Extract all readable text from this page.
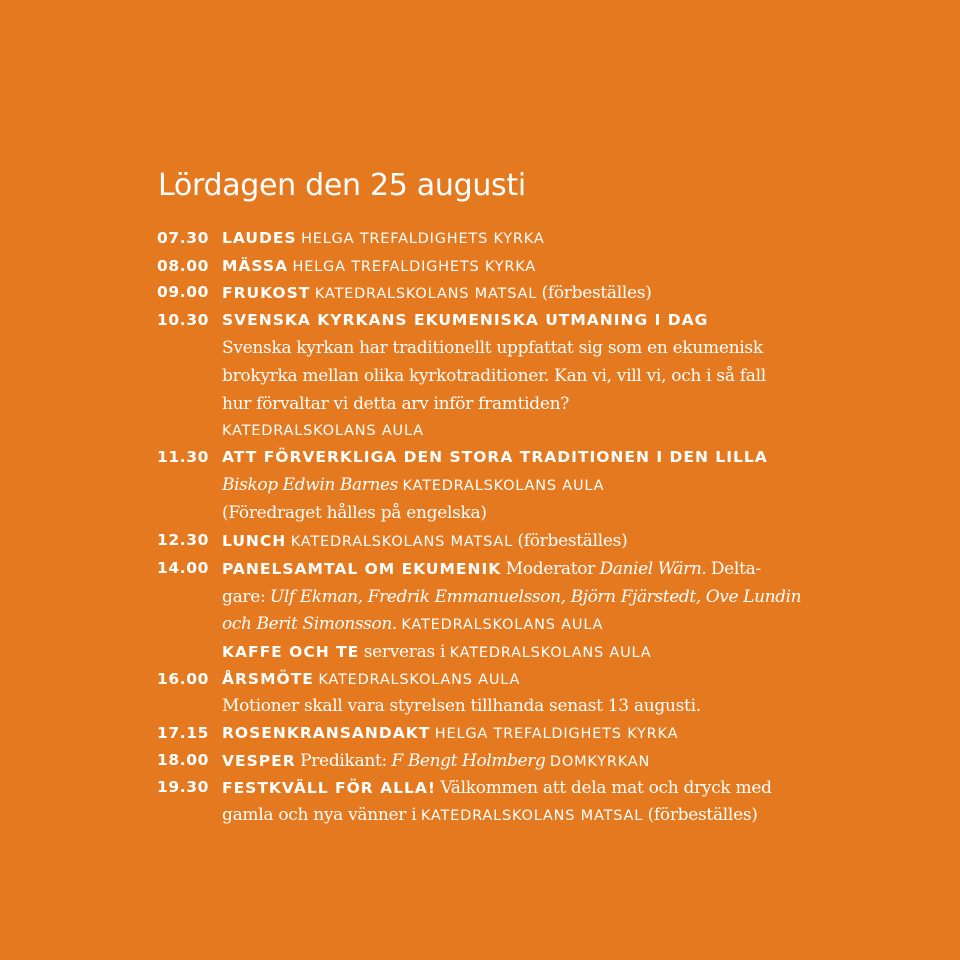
Lördagen den 25 augusti
07.30 LAUDES HELGA TREFALDIGHETS KYRKA
08.00 MÄSSA HELGA TREFALDIGHETS KYRKA
09.00 FRUKOST KATEDRALSKOLANS MATSAL (förbeställes)
10.30 SVENSKA KYRKANS EKUMENISKA UTMANING I DAG
Svenska kyrkan har traditionellt uppfattat sig som en ekumenisk
brokyrka mellan olika kyrkotraditioner. Kan vi, vill vi, och i så fall
hur förvaltar vi detta arv inför framtiden?
KATEDRALSKOLANS AULA
11.30 ATT FÖRVERKLIGA DEN STORA TRADITIONEN I DEN LILLA
Biskop Edwin Barnes KATEDRALSKOLANS AULA
(Föredraget hålles på engelska)
12.30 LUNCH KATEDRALSKOLANS MATSAL (förbeställes)
14.00 PANELSAMTAL OM EKUMENIK Moderator Daniel Wärn. Delta-
gare: Ulf Ekman, Fredrik Emmanuelsson, Björn Fjärstedt, Ove Lundin
och Berit Simonsson. KATEDRALSKOLANS AULA
KAFFE OCH TE serveras i KATEDRALSKOLANS AULA
16.00 ÅRSMÖTE KATEDRALSKOLANS AULA
Motioner skall vara styrelsen tillhanda senast 13 augusti.
17.15 ROSENKRANSANDAKT HELGA TREFALDIGHETS KYRKA
18.00 VESPER Predikant: F Bengt Holmberg DOMKYRKAN
19.30 FESTKVÄLL FÖR ALLA! Välkommen att dela mat och dryck med
gamla och nya vänner i KATEDRALSKOLANS MATSAL (förbeställes)
